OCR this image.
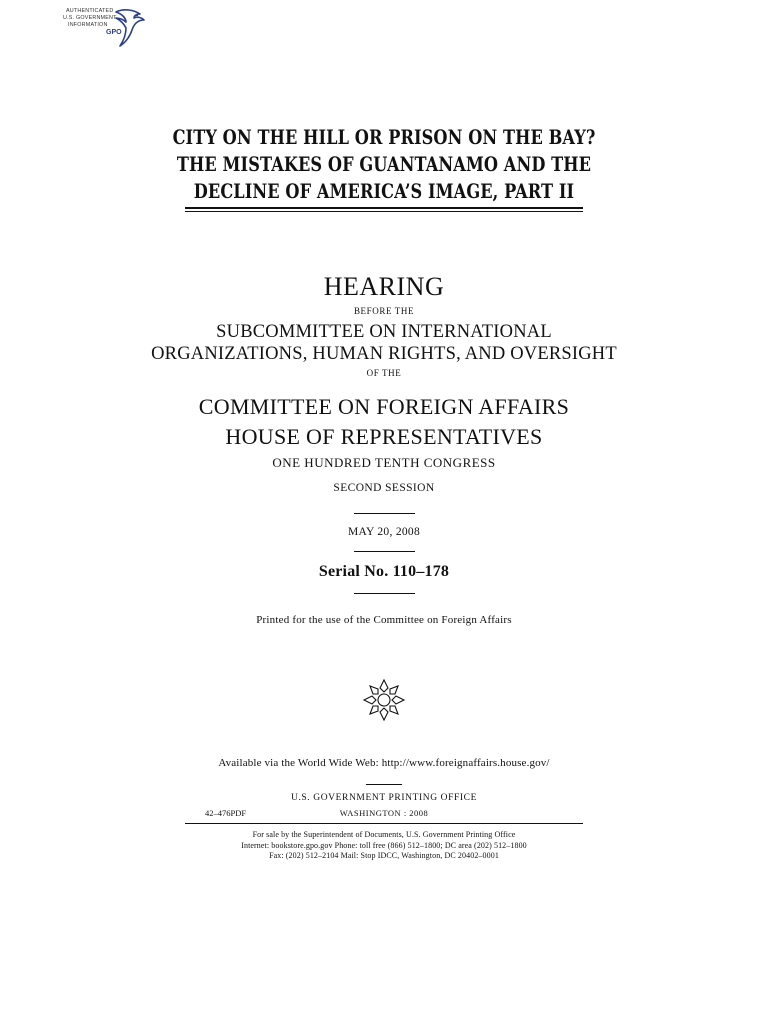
AUTHENTICATED
U.S. GOVERNMENT
INFORMATION
GPO
CITY ON THE HILL OR PRISON ON THE BAY?
THE MISTAKES OF GUANTANAMO AND THE
DECLINE OF AMERICA’S IMAGE, PART II
HEARING
BEFORE THE
SUBCOMMITTEE ON INTERNATIONAL
ORGANIZATIONS, HUMAN RIGHTS, AND OVERSIGHT
OF THE
COMMITTEE ON FOREIGN AFFAIRS
HOUSE OF REPRESENTATIVES
ONE HUNDRED TENTH CONGRESS
SECOND SESSION
MAY 20, 2008
Serial No. 110–178
Printed for the use of the Committee on Foreign Affairs
Available via the World Wide Web: http://www.foreignaffairs.house.gov/
U.S. GOVERNMENT PRINTING OFFICE
42–476PDF	WASHINGTON : 2008
For sale by the Superintendent of Documents, U.S. Government Printing Office
Internet: bookstore.gpo.gov Phone: toll free (866) 512–1800; DC area (202) 512–1800
Fax: (202) 512–2104 Mail: Stop IDCC, Washington, DC 20402–0001
